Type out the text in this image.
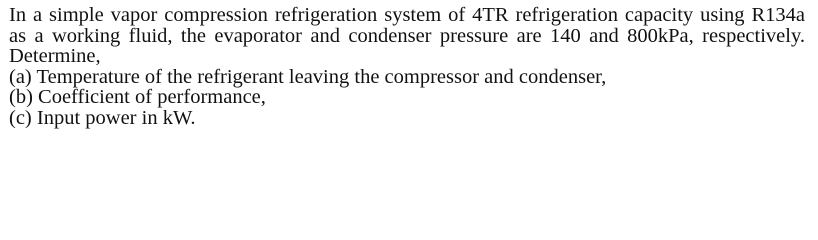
In a simple vapor compression refrigeration system of 4TR refrigeration capacity using R134a as a working fluid, the evaporator and condenser pressure are 140 and 800kPa, respectively. Determine,

(a) Temperature of the refrigerant leaving the compressor and condenser,
(b) Coefficient of performance,
(c) Input power in kW.
